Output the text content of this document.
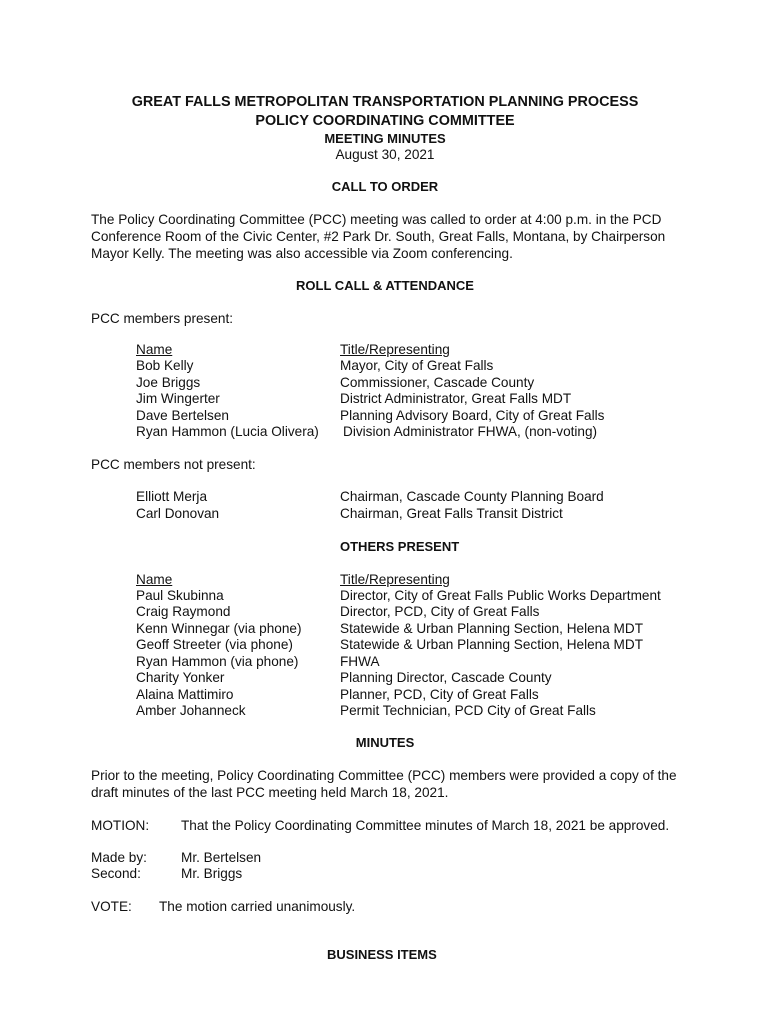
GREAT FALLS METROPOLITAN TRANSPORTATION PLANNING PROCESS
POLICY COORDINATING COMMITTEE
MEETING MINUTES
August 30, 2021
CALL TO ORDER
The Policy Coordinating Committee (PCC) meeting was called to order at 4:00 p.m. in the PCD
Conference Room of the Civic Center, #2 Park Dr. South, Great Falls, Montana, by Chairperson
Mayor Kelly. The meeting was also accessible via Zoom conferencing.
ROLL CALL & ATTENDANCE
PCC members present:
Name	Title/Representing
Bob Kelly	Mayor, City of Great Falls
Joe Briggs	Commissioner, Cascade County
Jim Wingerter	District Administrator, Great Falls MDT
Dave Bertelsen	Planning Advisory Board, City of Great Falls
Ryan Hammon (Lucia Olivera) Division Administrator FHWA, (non-voting)
PCC members not present:
Elliott Merja	Chairman, Cascade County Planning Board
Carl Donovan	Chairman, Great Falls Transit District
OTHERS PRESENT
Name	Title/Representing
Paul Skubinna	Director, City of Great Falls Public Works Department
Craig Raymond	Director, PCD, City of Great Falls
Kenn Winnegar (via phone)	Statewide & Urban Planning Section, Helena MDT
Geoff Streeter (via phone)	Statewide & Urban Planning Section, Helena MDT
Ryan Hammon (via phone)	FHWA
Charity Yonker	Planning Director, Cascade County
Alaina Mattimiro	Planner, PCD, City of Great Falls
Amber Johanneck	Permit Technician, PCD City of Great Falls
MINUTES
Prior to the meeting, Policy Coordinating Committee (PCC) members were provided a copy of the
draft minutes of the last PCC meeting held March 18, 2021.
MOTION: That the Policy Coordinating Committee minutes of March 18, 2021 be approved.
Made by:	Mr. Bertelsen
Second:	Mr. Briggs
VOTE: The motion carried unanimously.
BUSINESS ITEMS
